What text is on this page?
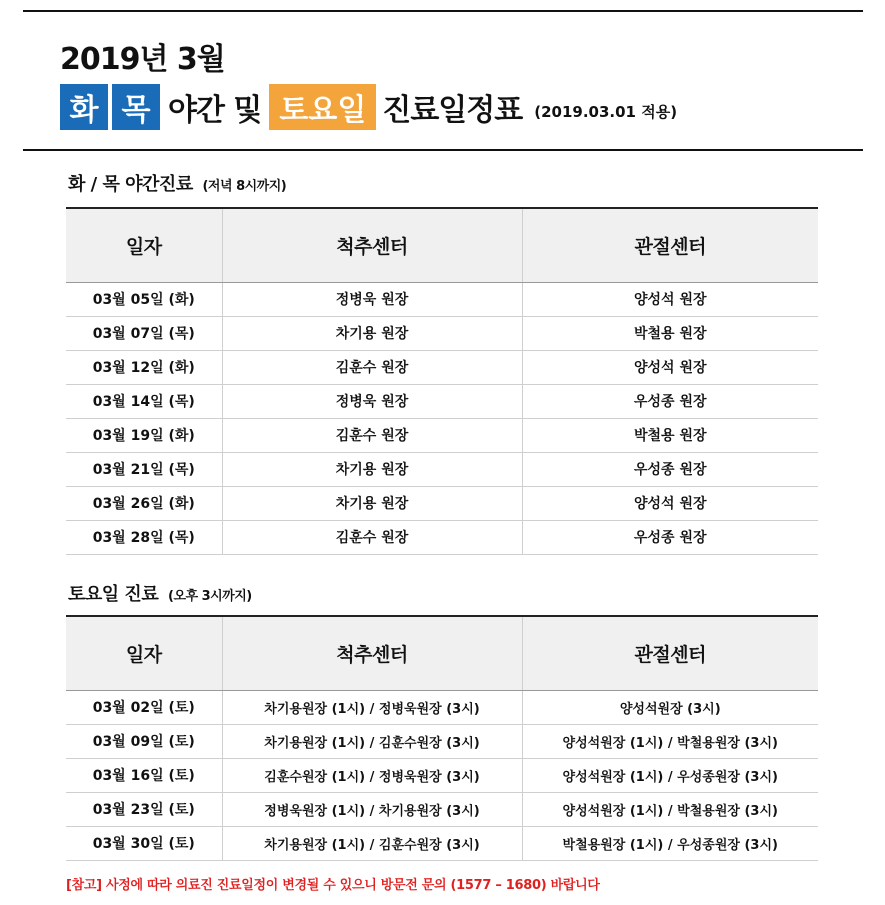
2019년 3월
화 목 야간 및 토요일 진료일정표 (2019.03.01 적용)
화 / 목 야간진료 (저녁 8시까지)
일자	척추센터	관절센터
03월 05일 (화)	정병욱 원장	양성석 원장
03월 07일 (목)	차기용 원장	박철용 원장
03월 12일 (화)	김훈수 원장	양성석 원장
03월 14일 (목)	정병욱 원장	우성종 원장
03월 19일 (화)	김훈수 원장	박철용 원장
03월 21일 (목)	차기용 원장	우성종 원장
03월 26일 (화)	차기용 원장	양성석 원장
03월 28일 (목)	김훈수 원장	우성종 원장
토요일 진료 (오후 3시까지)
일자	척추센터	관절센터
03월 02일 (토)	차기용원장 (1시) / 정병욱원장 (3시)	양성석원장 (3시)
03월 09일 (토)	차기용원장 (1시) / 김훈수원장 (3시)	양성석원장 (1시) / 박철용원장 (3시)
03월 16일 (토)	김훈수원장 (1시) / 정병욱원장 (3시)	양성석원장 (1시) / 우성종원장 (3시)
03월 23일 (토)	정병욱원장 (1시) / 차기용원장 (3시)	양성석원장 (1시) / 박철용원장 (3시)
03월 30일 (토)	차기용원장 (1시) / 김훈수원장 (3시)	박철용원장 (1시) / 우성종원장 (3시)
[참고] 사정에 따라 의료진 진료일정이 변경될 수 있으니 방문전 문의 (1577 – 1680) 바랍니다
